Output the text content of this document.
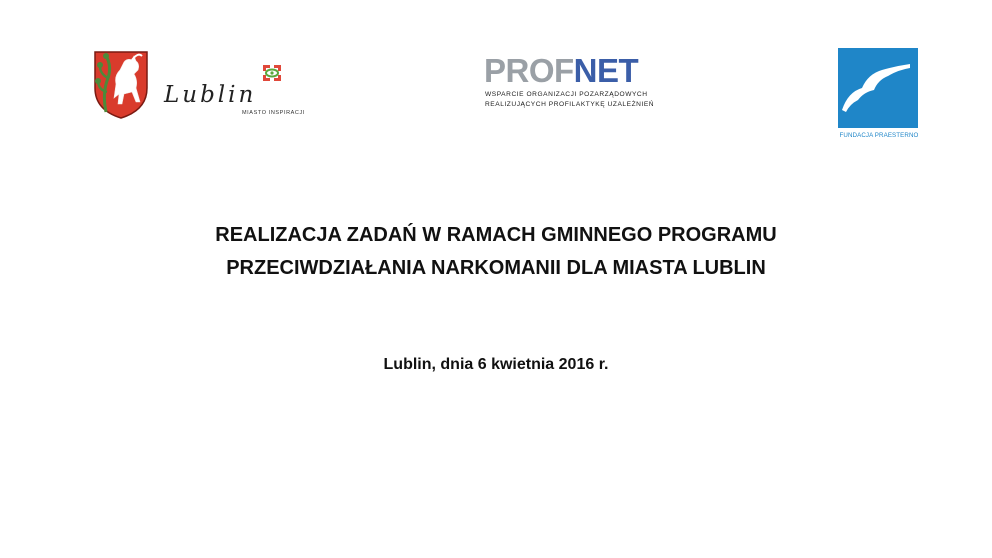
Lublin
MIASTO INSPIRACJI
PROFNET
WSPARCIE ORGANIZACJI POZARZĄDOWYCH
REALIZUJĄCYCH PROFILAKTYKĘ UZALEŻNIEŃ
FUNDACJA PRAESTERNO
REALIZACJA ZADAŃ W RAMACH GMINNEGO PROGRAMU
PRZECIWDZIAŁANIA NARKOMANII DLA MIASTA LUBLIN
Lublin, dnia 6 kwietnia 2016 r.
